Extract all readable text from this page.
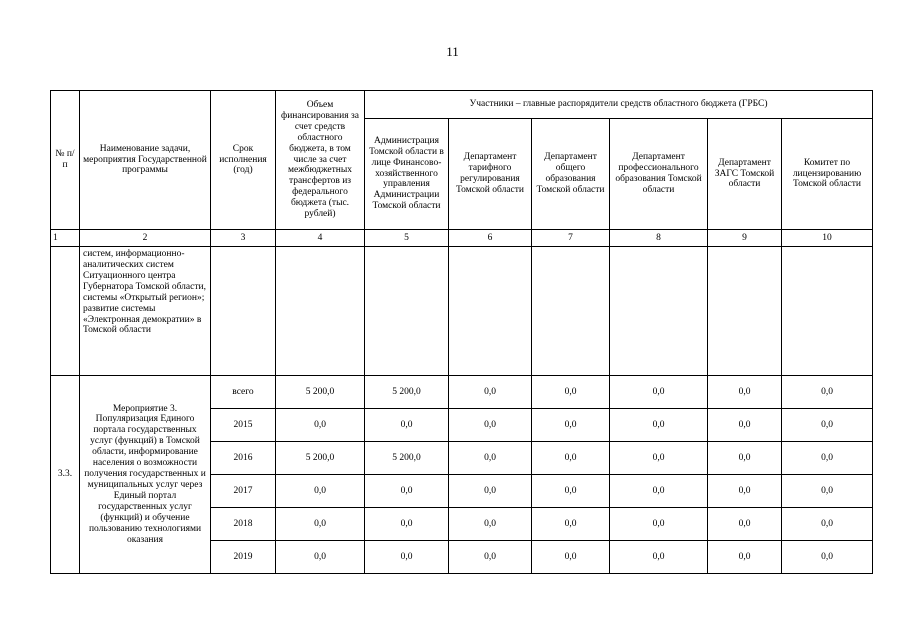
11
№ п/п	Наименование задачи, мероприятия Государственной программы	Срок исполнения (год)	Объем финансирования за счет средств областного бюджета, в том числе за счет межбюджетных трансфертов из федерального бюджета (тыс. рублей)	Участники – главные распорядители средств областного бюджета (ГРБС)					
				Администрация Томской области в лице Финансово-хозяйственного управления Администрации Томской области	Департамент тарифного регулирования Томской области	Департамент общего образования Томской области	Департамент профессионального образования Томской области	Департамент ЗАГС Томской области	Комитет по лицензированию Томской области
1	2	3	4	5	6	7	8	9	10
	систем, информационно-аналитических систем Ситуационного центра Губернатора Томской области, системы «Открытый регион»; развитие системы «Электронная демократии» в Томской области								
3.3.	Мероприятие 3. Популяризация Единого портала государственных услуг (функций) в Томской области, информирование населения о возможности получения государственных и муниципальных услуг через Единый портал государственных услуг (функций) и обучение пользованию технологиями оказания	всего	5 200,0	5 200,0	0,0	0,0	0,0	0,0	0,0
		2015	0,0	0,0	0,0	0,0	0,0	0,0	0,0
		2016	5 200,0	5 200,0	0,0	0,0	0,0	0,0	0,0
		2017	0,0	0,0	0,0	0,0	0,0	0,0	0,0
		2018	0,0	0,0	0,0	0,0	0,0	0,0	0,0
		2019	0,0	0,0	0,0	0,0	0,0	0,0	0,0
